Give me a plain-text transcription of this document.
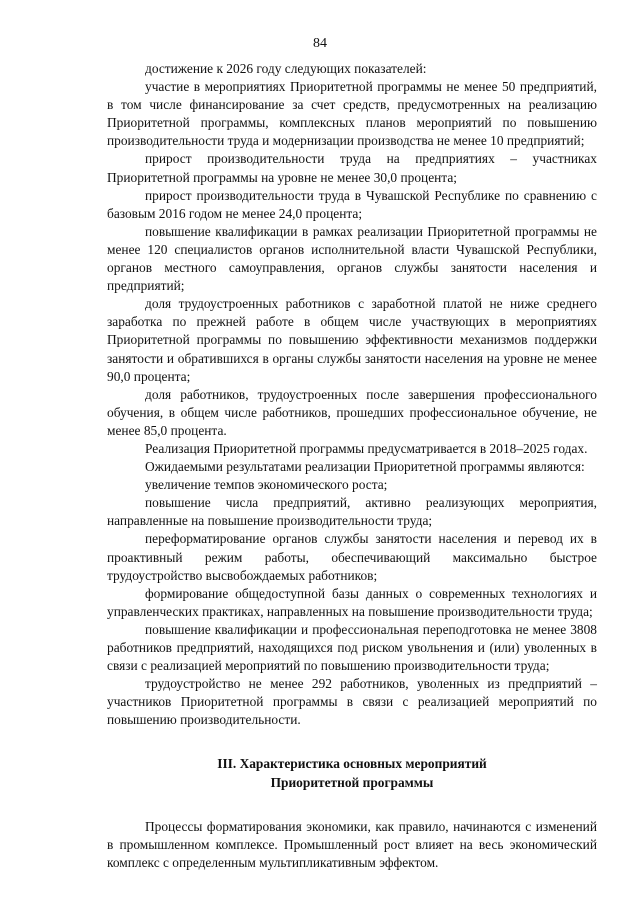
84

достижение к 2026 году следующих показателей:

участие в мероприятиях Приоритетной программы не менее 50 предприятий, в том числе финансирование за счет средств, предусмотренных на реализацию Приоритетной программы, комплексных планов мероприятий по повышению производительности труда и модернизации производства не менее 10 предприятий;

прирост производительности труда на предприятиях – участниках Приоритетной программы на уровне не менее 30,0 процента;

прирост производительности труда в Чувашской Республике по сравнению с базовым 2016 годом не менее 24,0 процента;

повышение квалификации в рамках реализации Приоритетной программы не менее 120 специалистов органов исполнительной власти Чувашской Республики, органов местного самоуправления, органов службы занятости населения и предприятий;

доля трудоустроенных работников с заработной платой не ниже среднего заработка по прежней работе в общем числе участвующих в мероприятиях Приоритетной программы по повышению эффективности механизмов поддержки занятости и обратившихся в органы службы занятости населения на уровне не менее 90,0 процента;

доля работников, трудоустроенных после завершения профессионального обучения, в общем числе работников, прошедших профессиональное обучение, не менее 85,0 процента.

Реализация Приоритетной программы предусматривается в 2018–2025 годах.

Ожидаемыми результатами реализации Приоритетной программы являются:

увеличение темпов экономического роста;

повышение числа предприятий, активно реализующих мероприятия, направленные на повышение производительности труда;

переформатирование органов службы занятости населения и перевод их в проактивный режим работы, обеспечивающий максимально быстрое трудоустройство высвобождаемых работников;

формирование общедоступной базы данных о современных технологиях и управленческих практиках, направленных на повышение производительности труда;

повышение квалификации и профессиональная переподготовка не менее 3808 работников предприятий, находящихся под риском увольнения и (или) уволенных в связи с реализацией мероприятий по повышению производительности труда;

трудоустройство не менее 292 работников, уволенных из предприятий – участников Приоритетной программы в связи с реализацией мероприятий по повышению производительности.

III. Характеристика основных мероприятий
Приоритетной программы

Процессы форматирования экономики, как правило, начинаются с изменений в промышленном комплексе. Промышленный рост влияет на весь экономический комплекс с определенным мультипликативным эффектом.
